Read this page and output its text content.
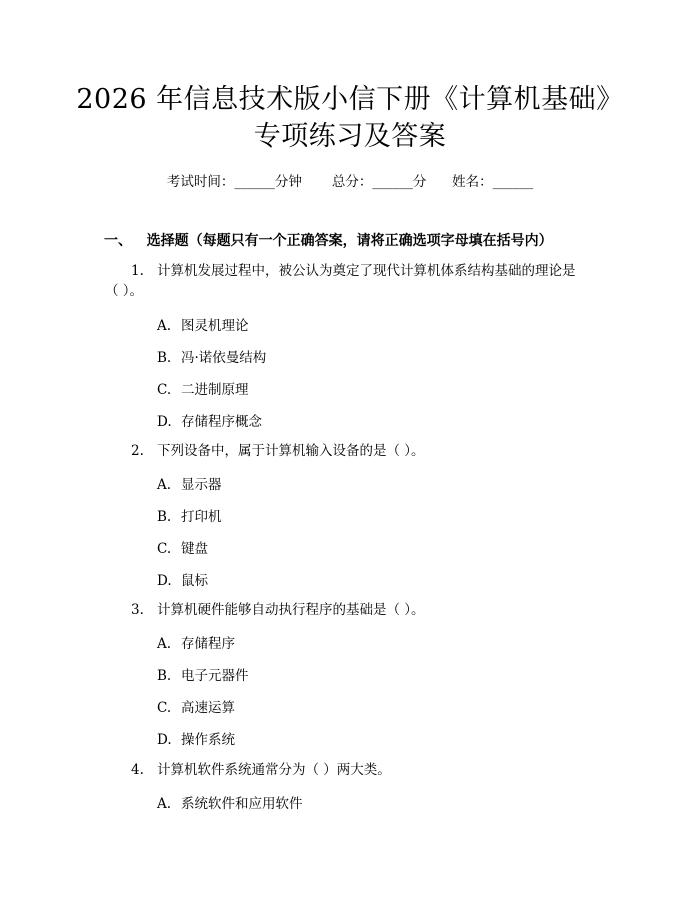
2026 年信息技术版小信下册《计算机基础》
专项练习及答案
考试时间：______分钟 总分：______分 姓名：______
一、 选择题（每题只有一个正确答案，请将正确选项字母填在括号内）
1. 计算机发展过程中，被公认为奠定了现代计算机体系结构基础的理论是
（ ）。
A. 图灵机理论
B. 冯·诺依曼结构
C. 二进制原理
D. 存储程序概念
2. 下列设备中，属于计算机输入设备的是（ ）。
A. 显示器
B. 打印机
C. 键盘
D. 鼠标
3. 计算机硬件能够自动执行程序的基础是（ ）。
A. 存储程序
B. 电子元器件
C. 高速运算
D. 操作系统
4. 计算机软件系统通常分为（ ）两大类。
A. 系统软件和应用软件
